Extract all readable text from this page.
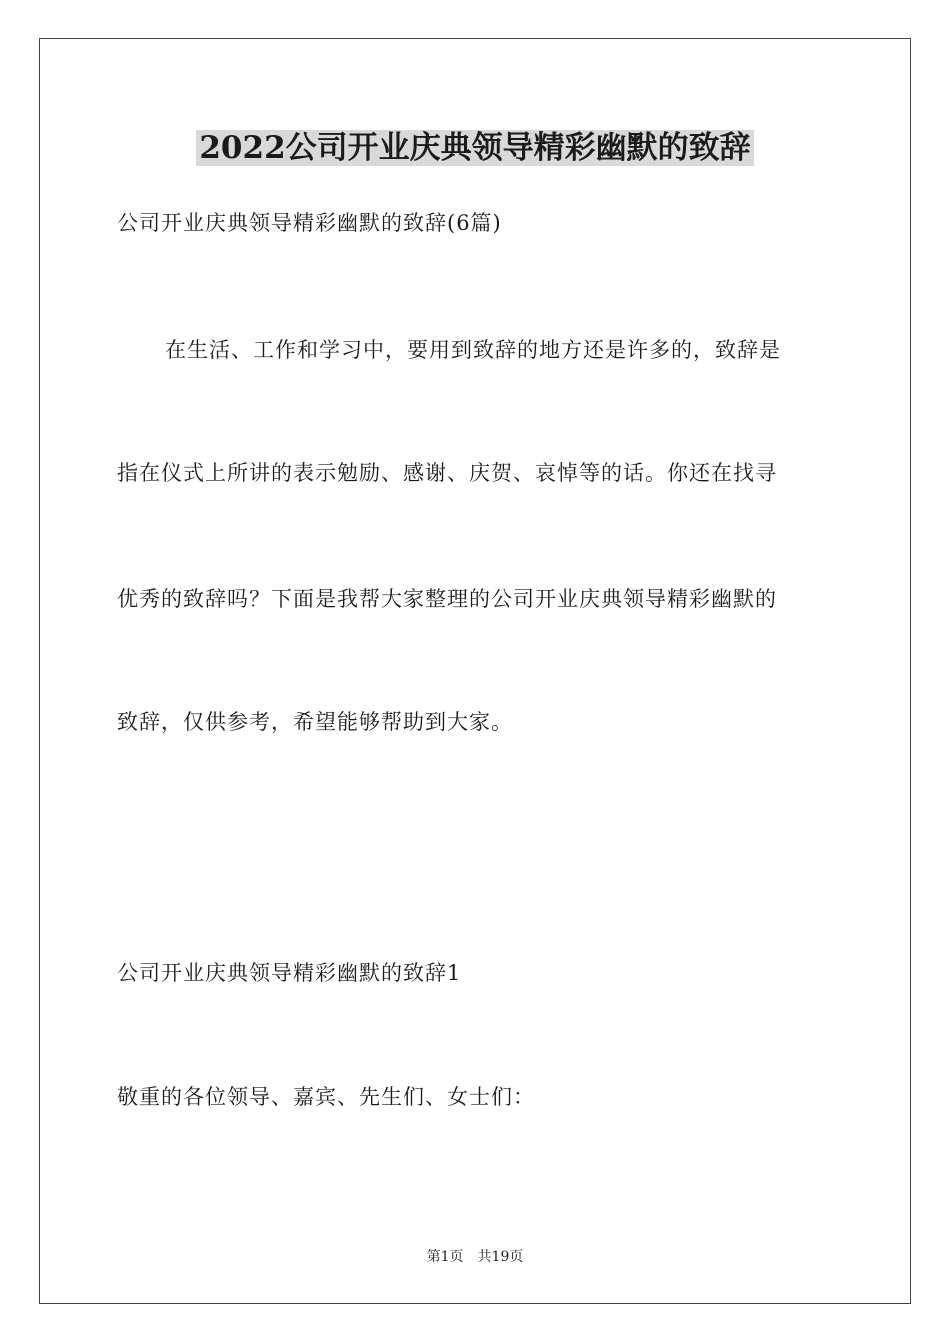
2022公司开业庆典领导精彩幽默的致辞
公司开业庆典领导精彩幽默的致辞(6篇)
在生活、工作和学习中，要用到致辞的地方还是许多的，致辞是
指在仪式上所讲的表示勉励、感谢、庆贺、哀悼等的话。你还在找寻
优秀的致辞吗？下面是我帮大家整理的公司开业庆典领导精彩幽默的
致辞，仅供参考，希望能够帮助到大家。
公司开业庆典领导精彩幽默的致辞1
敬重的各位领导、嘉宾、先生们、女士们：
第1页 共19页
